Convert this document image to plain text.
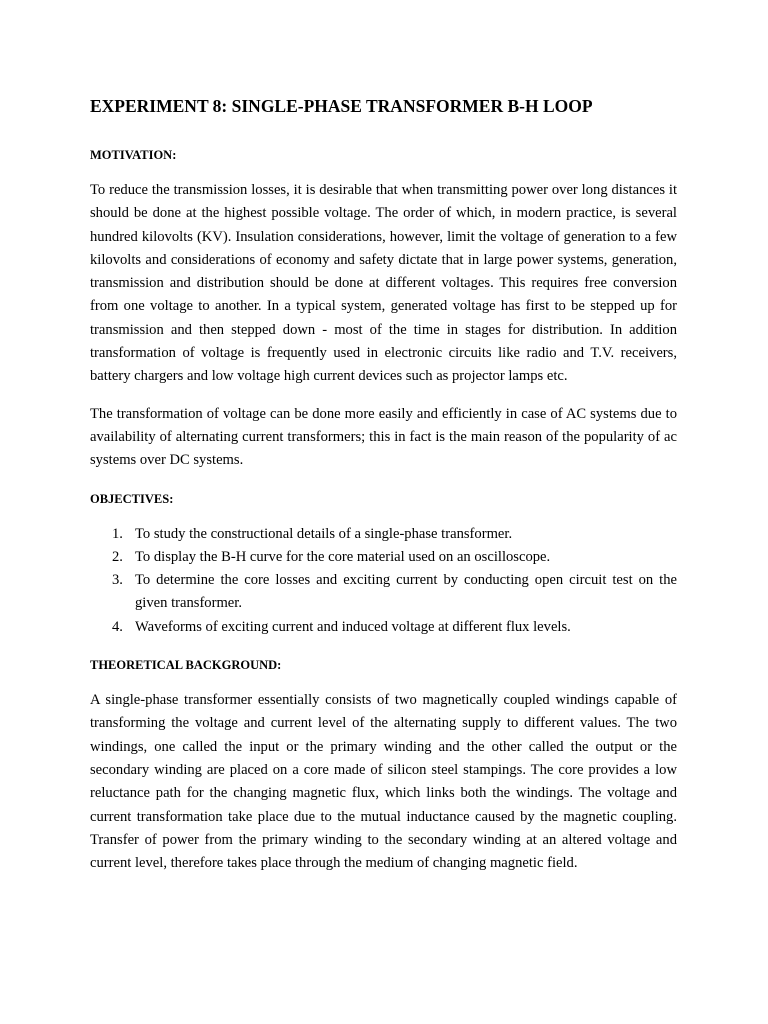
EXPERIMENT 8: SINGLE-PHASE TRANSFORMER B-H LOOP
MOTIVATION:

To reduce the transmission losses, it is desirable that when transmitting power over long distances it should be done at the highest possible voltage. The order of which, in modern practice, is several hundred kilovolts (KV). Insulation considerations, however, limit the voltage of generation to a few kilovolts and considerations of economy and safety dictate that in large power systems, generation, transmission and distribution should be done at different voltages. This requires free conversion from one voltage to another. In a typical system, generated voltage has first to be stepped up for transmission and then stepped down - most of the time in stages for distribution. In addition transformation of voltage is frequently used in electronic circuits like radio and T.V. receivers, battery chargers and low voltage high current devices such as projector lamps etc.

The transformation of voltage can be done more easily and efficiently in case of AC systems due to availability of alternating current transformers; this in fact is the main reason of the popularity of ac systems over DC systems.

OBJECTIVES:
1. To study the constructional details of a single-phase transformer.
2. To display the B-H curve for the core material used on an oscilloscope.
3. To determine the core losses and exciting current by conducting open circuit test on the given transformer.
4. Waveforms of exciting current and induced voltage at different flux levels.
THEORETICAL BACKGROUND:

A single-phase transformer essentially consists of two magnetically coupled windings capable of transforming the voltage and current level of the alternating supply to different values. The two windings, one called the input or the primary winding and the other called the output or the secondary winding are placed on a core made of silicon steel stampings. The core provides a low reluctance path for the changing magnetic flux, which links both the windings. The voltage and current transformation take place due to the mutual inductance caused by the magnetic coupling. Transfer of power from the primary winding to the secondary winding at an altered voltage and current level, therefore takes place through the medium of changing magnetic field.
